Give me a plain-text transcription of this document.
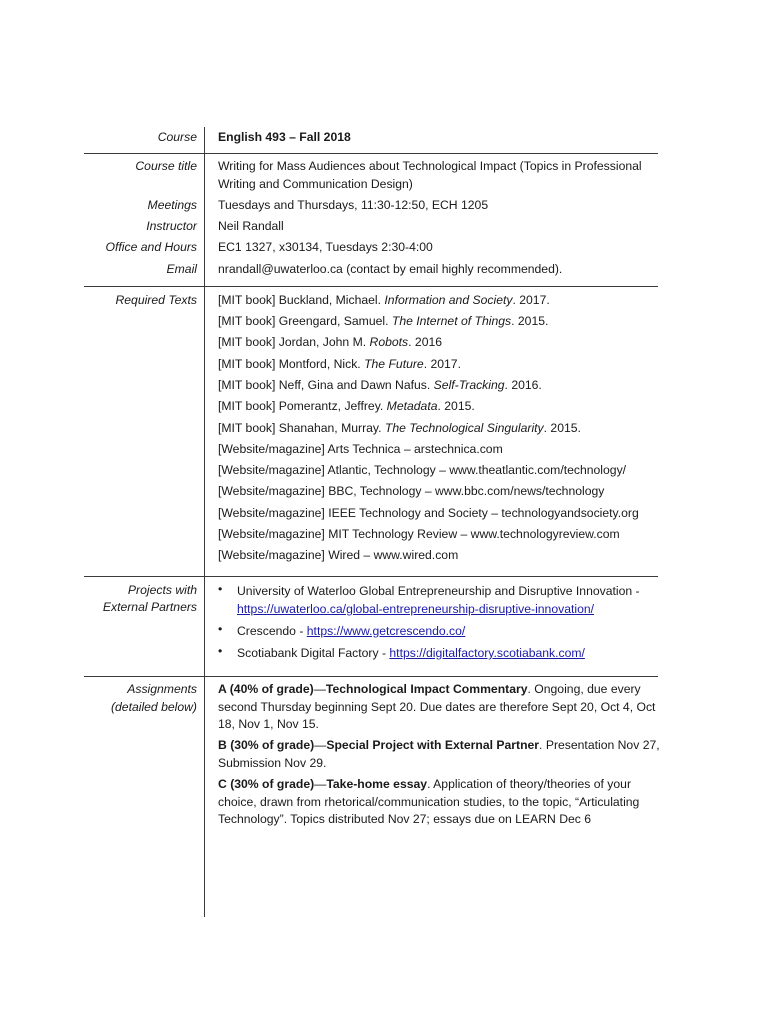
Course English 493 – Fall 2018
Course title Writing for Mass Audiences about Technological Impact (Topics in Professional
Writing and Communication Design)
Meetings Tuesdays and Thursdays, 11:30-12:50, ECH 1205
Instructor Neil Randall
Office and Hours EC1 1327, x30134, Tuesdays 2:30-4:00
Email nrandall@uwaterloo.ca (contact by email highly recommended).
Required Texts [MIT book] Buckland, Michael. Information and Society. 2017.
[MIT book] Greengard, Samuel. The Internet of Things. 2015.
[MIT book] Jordan, John M. Robots. 2016
[MIT book] Montford, Nick. The Future. 2017.
[MIT book] Neff, Gina and Dawn Nafus. Self-Tracking. 2016.
[MIT book] Pomerantz, Jeffrey. Metadata. 2015.
[MIT book] Shanahan, Murray. The Technological Singularity. 2015.
[Website/magazine] Arts Technica – arstechnica.com
[Website/magazine] Atlantic, Technology – www.theatlantic.com/technology/
[Website/magazine] BBC, Technology – www.bbc.com/news/technology
[Website/magazine] IEEE Technology and Society – technologyandsociety.org
[Website/magazine] MIT Technology Review – www.technologyreview.com
[Website/magazine] Wired – www.wired.com
Projects with
External Partners
• University of Waterloo Global Entrepreneurship and Disruptive Innovation -
https://uwaterloo.ca/global-entrepreneurship-disruptive-innovation/
• Crescendo - https://www.getcrescendo.co/
• Scotiabank Digital Factory - https://digitalfactory.scotiabank.com/
Assignments
(detailed below)
A (40% of grade)—Technological Impact Commentary. Ongoing, due every second Thursday beginning Sept 20. Due dates are therefore Sept 20, Oct 4, Oct 18, Nov 1, Nov 15.
B (30% of grade)—Special Project with External Partner. Presentation Nov 27, Submission Nov 29.
C (30% of grade)—Take-home essay. Application of theory/theories of your choice, drawn from rhetorical/communication studies, to the topic, “Articulating Technology”. Topics distributed Nov 27; essays due on LEARN Dec 6
